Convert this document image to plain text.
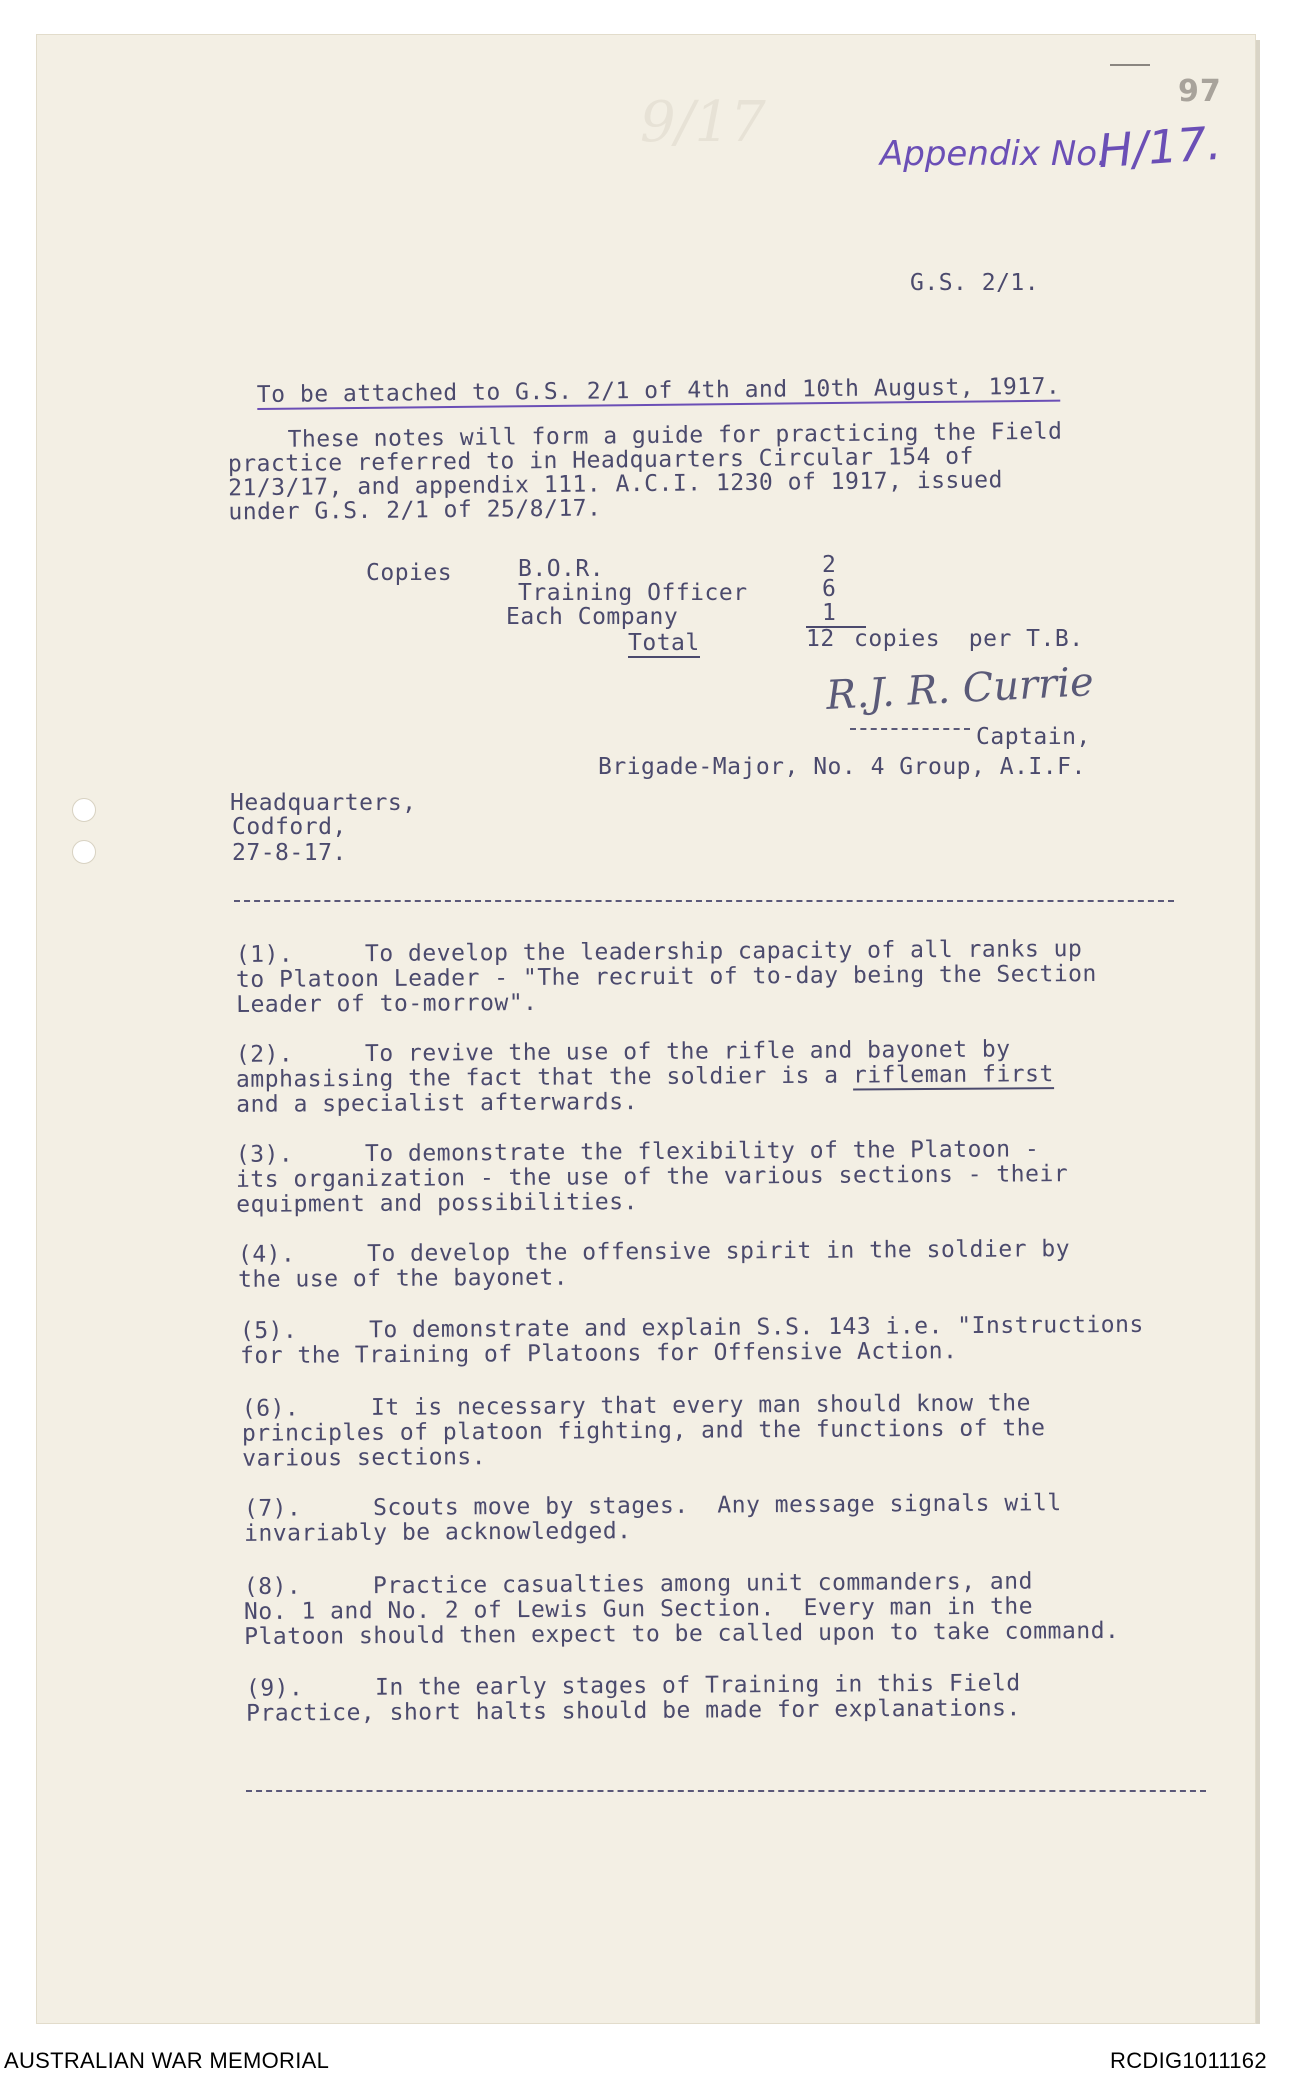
9/17	97
Appendix No.
H/17.
G.S. 2/1.

To be attached to G.S. 2/1 of 4th and 10th August, 1917.

These notes will form a guide for practicing the Field
practice referred to in Headquarters Circular 154 of
21/3/17, and appendix 111. A.C.I. 1230 of 1917, issued
under G.S. 2/1 of 25/8/17.
Copies	B.O.R.	2
Training Officer	6
Each Company	1
Total	12 copies  per T.B.
R.J. R. Currie
Captain,
Brigade-Major, No. 4 Group, A.I.F.
Headquarters,
Codford,
27-8-17.
(1).     To develop the leadership capacity of all ranks up
to Platoon Leader - "The recruit of to-day being the Section
Leader of to-morrow".
(2).     To revive the use of the rifle and bayonet by
amphasising the fact that the soldier is a rifleman first
and a specialist afterwards.
(3).     To demonstrate the flexibility of the Platoon -
its organization - the use of the various sections - their
equipment and possibilities.
(4).     To develop the offensive spirit in the soldier by
the use of the bayonet.
(5).     To demonstrate and explain S.S. 143 i.e. "Instructions
for the Training of Platoons for Offensive Action.
(6).     It is necessary that every man should know the
principles of platoon fighting, and the functions of the
various sections.
(7).     Scouts move by stages.  Any message signals will
invariably be acknowledged.
(8).     Practice casualties among unit commanders, and
No. 1 and No. 2 of Lewis Gun Section.  Every man in the
Platoon should then expect to be called upon to take command.
(9).     In the early stages of Training in this Field
Practice, short halts should be made for explanations.
AUSTRALIAN WAR MEMORIAL	RCDIG1011162
